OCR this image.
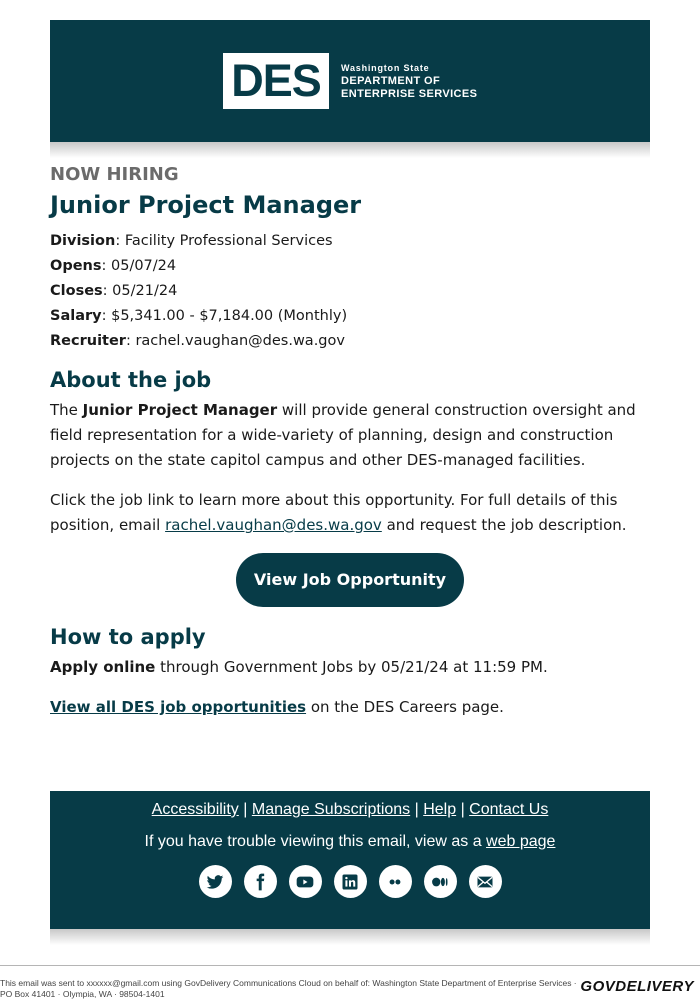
DES	Washington State
DEPARTMENT OF
ENTERPRISE SERVICES
NOW HIRING
Junior Project Manager

Division: Facility Professional Services

Opens: 05/07/24

Closes: 05/21/24

Salary: $5,341.00 - $7,184.00 (Monthly)

Recruiter: rachel.vaughan@des.wa.gov

About the job

The Junior Project Manager will provide general construction oversight and field representation for a wide-variety of planning, design and construction projects on the state capitol campus and other DES-managed facilities.

Click the job link to learn more about this opportunity. For full details of this position, email rachel.vaughan@des.wa.gov and request the job description.

View Job Opportunity
How to apply

Apply online through Government Jobs by 05/21/24 at 11:59 PM.

View all DES job opportunities on the DES Careers page.

Accessibility | Manage Subscriptions | Help | Contact Us
If you have trouble viewing this email, view as a web page
This email was sent to xxxxxx@gmail.com using GovDelivery Communications Cloud on behalf of: Washington State Department of Enterprise Services · PO Box 41401 · Olympia, WA · 98504-1401	GOVDELIVERY
